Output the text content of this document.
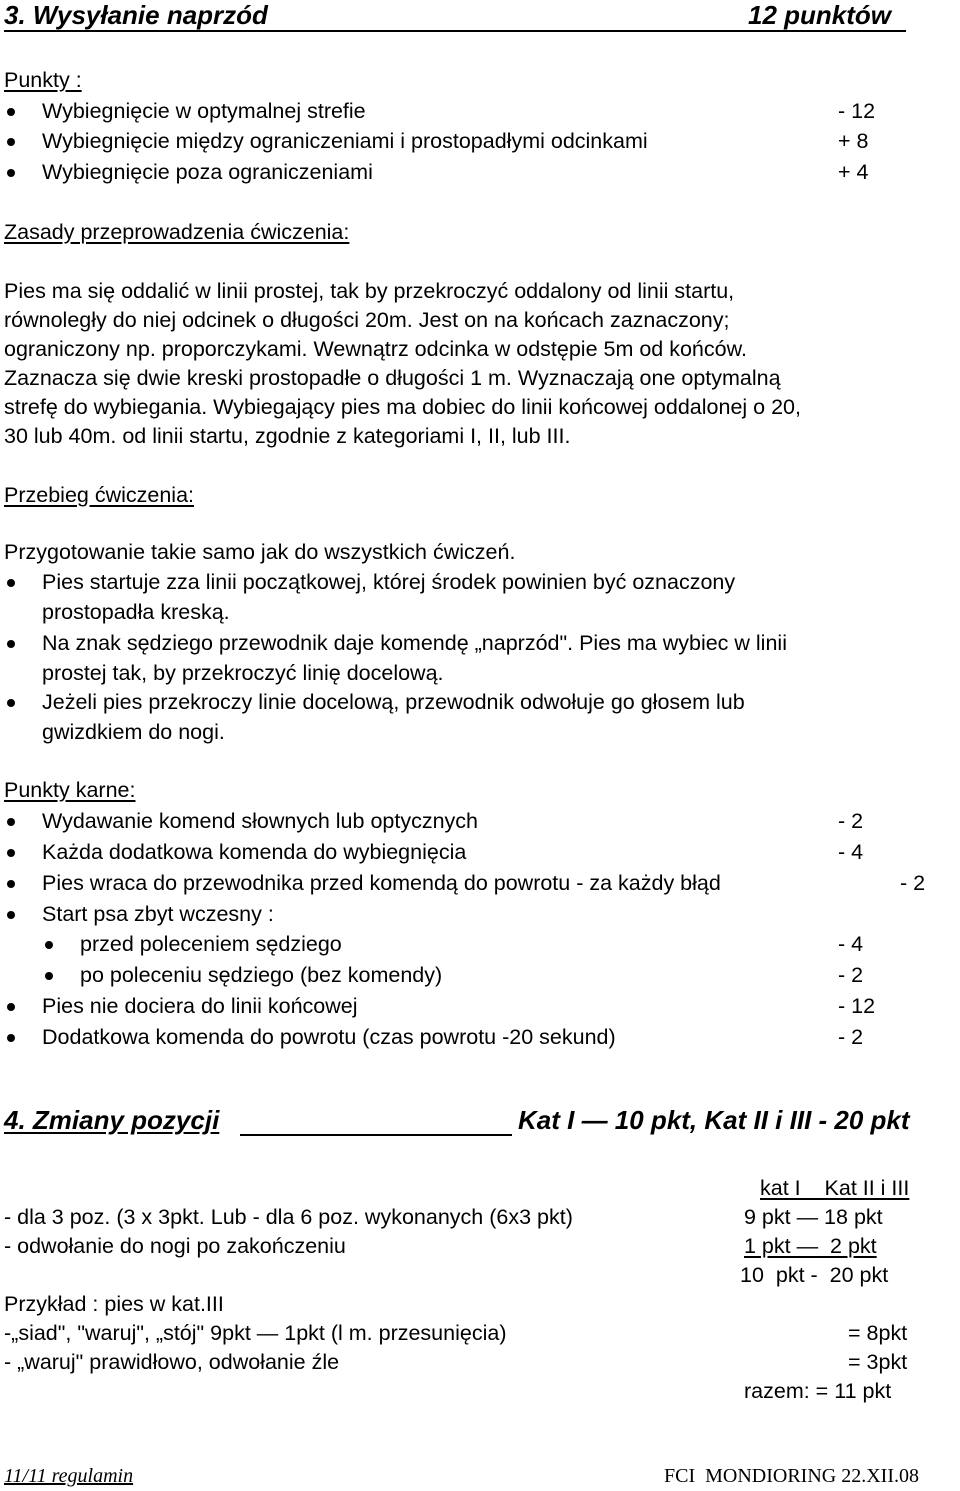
3. Wysyłanie naprzód	12 punktów
Punkty :
Wybiegnięcie w optymalnej strefie	- 12
Wybiegnięcie między ograniczeniami i prostopadłymi odcinkami	+ 8
Wybiegnięcie poza ograniczeniami	+ 4
Zasady przeprowadzenia ćwiczenia:
Pies ma się oddalić w linii prostej, tak by przekroczyć oddalony od linii startu,
równoległy do niej odcinek o długości 20m. Jest on na końcach zaznaczony;
ograniczony np. proporczykami. Wewnątrz odcinka w odstępie 5m od końców.
Zaznacza się dwie kreski prostopadłe o długości 1 m. Wyznaczają one optymalną
strefę do wybiegania. Wybiegający pies ma dobiec do linii końcowej oddalonej o 20,
30 lub 40m. od linii startu, zgodnie z kategoriami I, II, lub III.
Przebieg ćwiczenia:
Przygotowanie takie samo jak do wszystkich ćwiczeń.
Pies startuje zza linii początkowej, której środek powinien być oznaczony
prostopadła kreską.
Na znak sędziego przewodnik daje komendę „naprzód". Pies ma wybiec w linii
prostej tak, by przekroczyć linię docelową.
Jeżeli pies przekroczy linie docelową, przewodnik odwołuje go głosem lub
gwizdkiem do nogi.
Punkty karne:
Wydawanie komend słownych lub optycznych	- 2
Każda dodatkowa komenda do wybiegnięcia	- 4
Pies wraca do przewodnika przed komendą do powrotu - za każdy błąd	- 2
Start psa zbyt wczesny :
przed poleceniem sędziego	- 4
po poleceniu sędziego (bez komendy)	- 2
Pies nie dociera do linii końcowej	- 12
Dodatkowa komenda do powrotu (czas powrotu -20 sekund)	- 2
4. Zmiany pozycji	Kat I — 10 pkt, Kat II i III - 20 pkt
kat I    Kat II i III
- dla 3 poz. (3 x 3pkt. Lub - dla 6 poz. wykonanych (6x3 pkt)	9 pkt — 18 pkt
- odwołanie do nogi po zakończeniu	1 pkt —  2 pkt
10  pkt -  20 pkt
Przykład : pies w kat.III
-„siad", "waruj", „stój" 9pkt — 1pkt (l m. przesunięcia)	= 8pkt
- „waruj" prawidłowo, odwołanie źle	= 3pkt
razem: = 11 pkt
11/11 regulamin	FCI  MONDIORING 22.XII.08
